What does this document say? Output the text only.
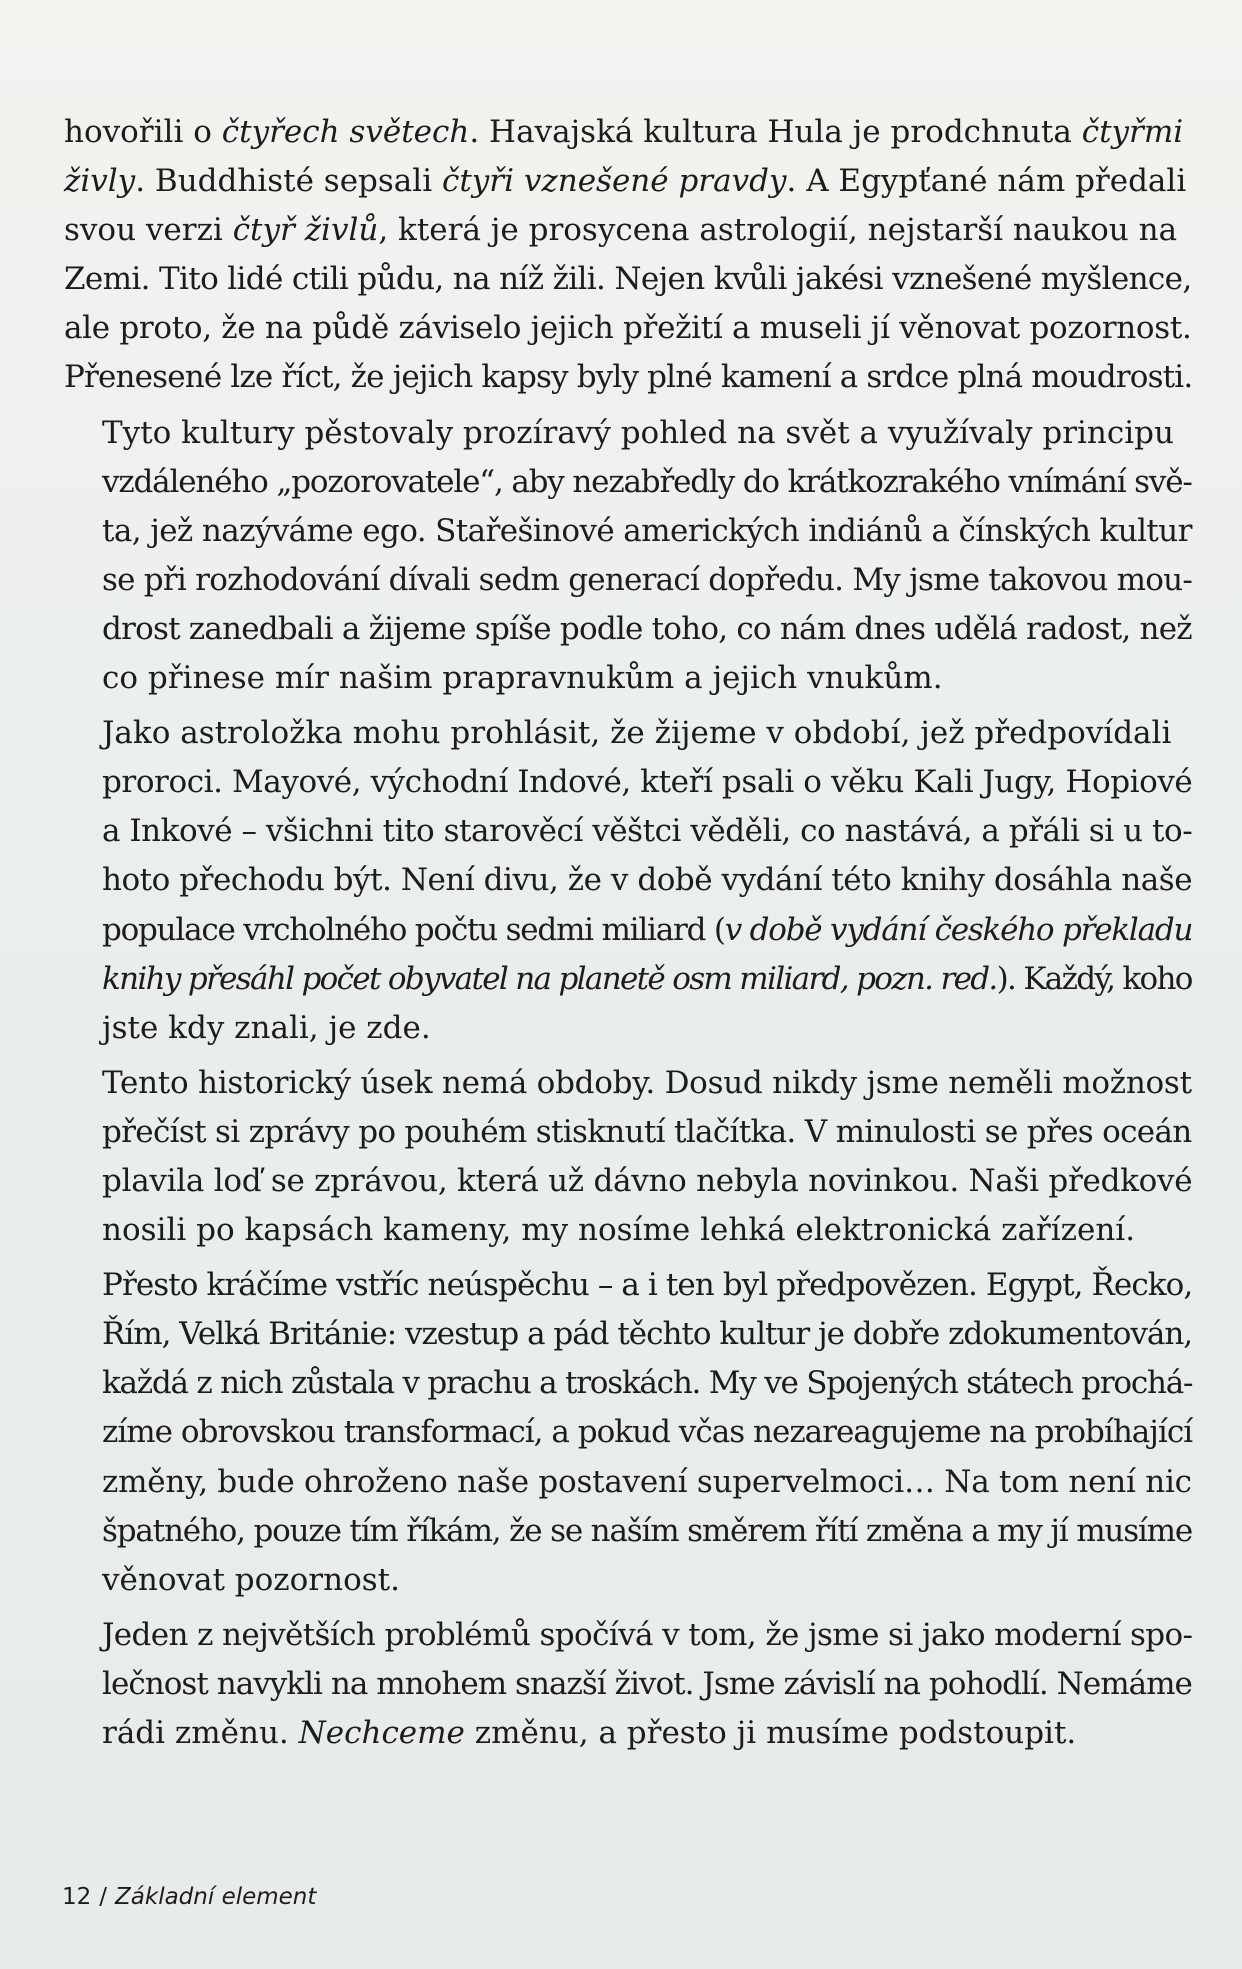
hovořili o čtyřech světech. Havajská kultura Hula je prodchnuta čtyřmi
živly. Buddhisté sepsali čtyři vznešené pravdy. A Egypťané nám předali
svou verzi čtyř živlů, která je prosycena astrologií, nejstarší naukou na
Zemi. Tito lidé ctili půdu, na níž žili. Nejen kvůli jakési vznešené myšlence,
ale proto, že na půdě záviselo jejich přežití a museli jí věnovat pozornost.
Přenesené lze říct, že jejich kapsy byly plné kamení a srdce plná moudrosti.
Tyto kultury pěstovaly prozíravý pohled na svět a využívaly principu
vzdáleného „pozorovatele“, aby nezabředly do krátkozrakého vnímání svě-
ta, jež nazýváme ego. Stařešinové amerických indiánů a čínských kultur
se při rozhodování dívali sedm generací dopředu. My jsme takovou mou-
drost zanedbali a žijeme spíše podle toho, co nám dnes udělá radost, než
co přinese mír našim prapravnukům a jejich vnukům.
Jako astroložka mohu prohlásit, že žijeme v období, jež předpovídali
proroci. Mayové, východní Indové, kteří psali o věku Kali Jugy, Hopiové
a Inkové – všichni tito starověcí věštci věděli, co nastává, a přáli si u to-
hoto přechodu být. Není divu, že v době vydání této knihy dosáhla naše
populace vrcholného počtu sedmi miliard (v době vydání českého překladu
knihy přesáhl počet obyvatel na planetě osm miliard, pozn. red.). Každý, koho
jste kdy znali, je zde.
Tento historický úsek nemá obdoby. Dosud nikdy jsme neměli možnost
přečíst si zprávy po pouhém stisknutí tlačítka. V minulosti se přes oceán
plavila loď se zprávou, která už dávno nebyla novinkou. Naši předkové
nosili po kapsách kameny, my nosíme lehká elektronická zařízení.
Přesto kráčíme vstříc neúspěchu – a i ten byl předpovězen. Egypt, Řecko,
Řím, Velká Británie: vzestup a pád těchto kultur je dobře zdokumentován,
každá z nich zůstala v prachu a troskách. My ve Spojených státech prochá-
zíme obrovskou transformací, a pokud včas nezareagujeme na probíhající
změny, bude ohroženo naše postavení supervelmoci… Na tom není nic
špatného, pouze tím říkám, že se naším směrem řítí změna a my jí musíme
věnovat pozornost.
Jeden z největších problémů spočívá v tom, že jsme si jako moderní spo-
lečnost navykli na mnohem snazší život. Jsme závislí na pohodlí. Nemáme
rádi změnu. Nechceme změnu, a přesto ji musíme podstoupit.
12 / Základní element
